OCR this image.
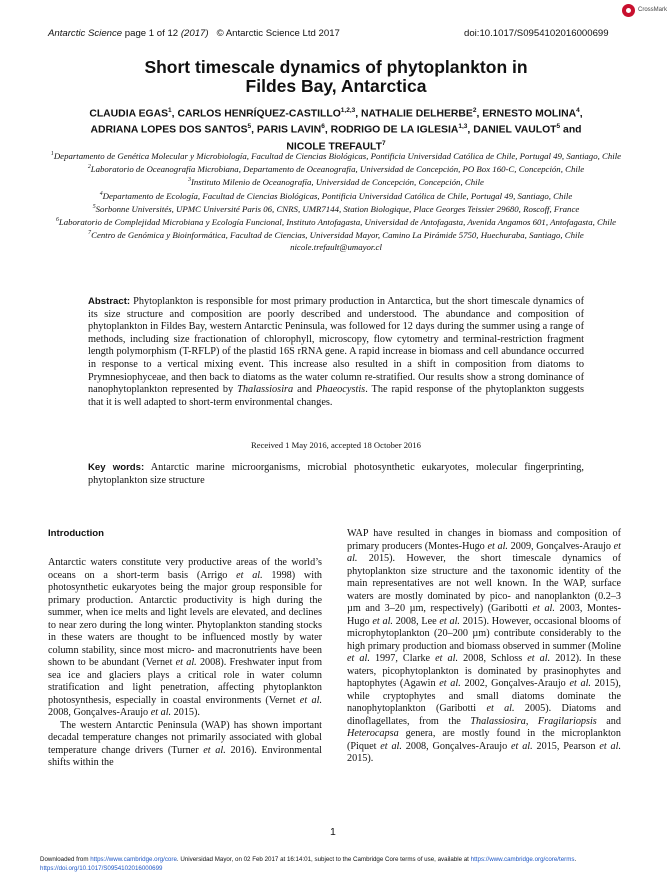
Antarctic Science page 1 of 12 (2017) © Antarctic Science Ltd 2017	doi:10.1017/S0954102016000699
CrossMark
Short timescale dynamics of phytoplankton in
Fildes Bay, Antarctica
CLAUDIA EGAS$^1$, CARLOS HENRÍQUEZ-CASTILLO$^{1,2,3}$, NATHALIE DELHERBE$^2$, ERNESTO MOLINA$^4$,
ADRIANA LOPES DOS SANTOS$^5$, PARIS LAVIN$^6$, RODRIGO DE LA IGLESIA$^{1,3}$, DANIEL VAULOT$^5$ and
NICOLE TREFAULT$^7$
$^1$Departamento de Genética Molecular y Microbiología, Facultad de Ciencias Biológicas, Pontificia Universidad Católica de Chile, Portugal 49, Santiago, Chile
$^2$Laboratorio de Oceanografía Microbiana, Departamento de Oceanografía, Universidad de Concepción, PO Box 160-C, Concepción, Chile
$^3$Instituto Milenio de Oceanografía, Universidad de Concepción, Concepción, Chile
$^4$Departamento de Ecología, Facultad de Ciencias Biológicas, Pontificia Universidad Católica de Chile, Portugal 49, Santiago, Chile
$^5$Sorbonne Universités, UPMC Université Paris 06, CNRS, UMR7144, Station Biologique, Place Georges Teissier 29680, Roscoff, France
$^6$Laboratorio de Complejidad Microbiana y Ecología Funcional, Instituto Antofagasta, Universidad de Antofagasta, Avenida Angamos 601, Antofagasta, Chile
$^7$Centro de Genómica y Bioinformática, Facultad de Ciencias, Universidad Mayor, Camino La Pirámide 5750, Huechuraba, Santiago, Chile
nicole.trefault@umayor.cl
Abstract: Phytoplankton is responsible for most primary production in Antarctica, but the short timescale dynamics of its size structure and composition are poorly described and understood. The abundance and composition of phytoplankton in Fildes Bay, western Antarctic Peninsula, was followed for 12 days during the summer using a range of methods, including size fractionation of chlorophyll, microscopy, flow cytometry and terminal-restriction fragment length polymorphism (T-RFLP) of the plastid 16S rRNA gene. A rapid increase in biomass and cell abundance occurred in response to a vertical mixing event. This increase also resulted in a shift in composition from diatoms to Prymnesiophyceae, and then back to diatoms as the water column re-stratified. Our results show a strong dominance of nanophytoplankton represented by Thalassiosira and Phaeocystis. The rapid response of the phytoplankton suggests that it is well adapted to short-term environmental changes.
Received 1 May 2016, accepted 18 October 2016
Key words: Antarctic marine microorganisms, microbial photosynthetic eukaryotes, molecular fingerprinting, phytoplankton size structure
Introduction

Antarctic waters constitute very productive areas of the world’s oceans on a short-term basis (Arrigo et al. 1998) with photosynthetic eukaryotes being the major group responsible for primary production. Antarctic productivity is high during the summer, when ice melts and light levels are elevated, and declines to near zero during the long winter. Phytoplankton standing stocks in these waters are thought to be influenced mostly by water column stability, since most micro- and macronutrients have been shown to be abundant (Vernet et al. 2008). Freshwater input from sea ice and glaciers plays a critical role in water column stratification and light penetration, affecting phytoplankton photosynthesis, especially in coastal environments (Vernet et al. 2008, Gonçalves-Araujo et al. 2015).

The western Antarctic Peninsula (WAP) has shown important decadal temperature changes not primarily associated with global temperature change drivers (Turner et al. 2016). Environmental shifts within the

WAP have resulted in changes in biomass and composition of primary producers (Montes-Hugo et al. 2009, Gonçalves-Araujo et al. 2015). However, the short timescale dynamics of phytoplankton size structure and the taxonomic identity of the main representatives are not well known. In the WAP, surface waters are mostly dominated by pico- and nanoplankton (0.2–3 µm and 3–20 µm, respectively) (Garibotti et al. 2003, Montes-Hugo et al. 2008, Lee et al. 2015). However, occasional blooms of microphytoplankton (20–200 µm) contribute considerably to the high primary production and biomass observed in summer (Moline et al. 1997, Clarke et al. 2008, Schloss et al. 2012). In these waters, picophytoplankton is dominated by prasinophytes and haptophytes (Agawin et al. 2002, Gonçalves-Araujo et al. 2015), while cryptophytes and small diatoms dominate the nanophytoplankton (Garibotti et al. 2005). Diatoms and dinoflagellates, from the Thalassiosira, Fragilariopsis and Heterocapsa genera, are mostly found in the microplankton (Piquet et al. 2008, Gonçalves-Araujo et al. 2015, Pearson et al. 2015).

1
Downloaded from https://www.cambridge.org/core. Universidad Mayor, on 02 Feb 2017 at 16:14:01, subject to the Cambridge Core terms of use, available at https://www.cambridge.org/core/terms.
https://doi.org/10.1017/S0954102016000699
